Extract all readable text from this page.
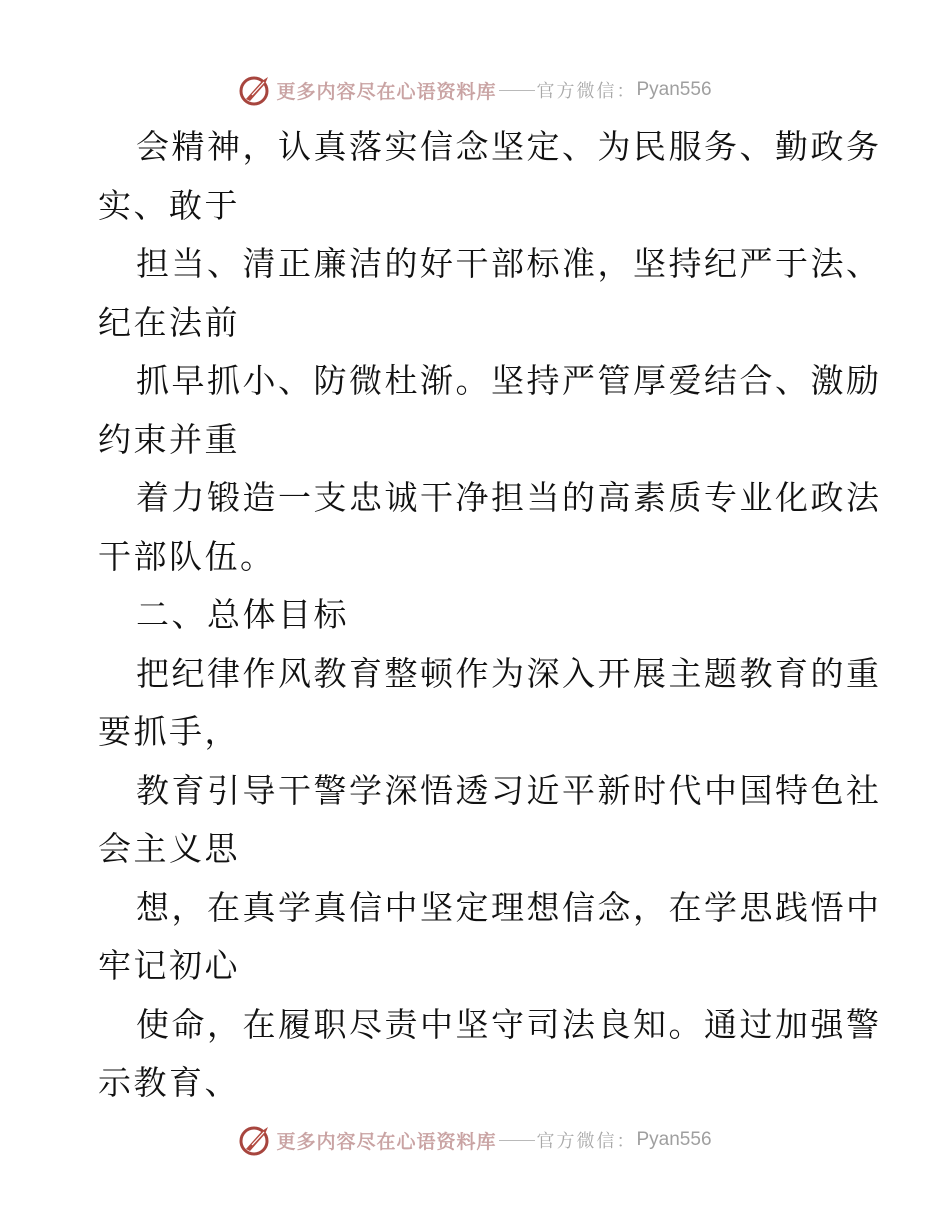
更多内容尽在心语资料库 官方微信： Pyan556
会精神，认真落实信念坚定、为民服务、勤政务
实、敢于
担当、清正廉洁的好干部标准，坚持纪严于法、
纪在法前
抓早抓小、防微杜渐。坚持严管厚爱结合、激励
约束并重
着力锻造一支忠诚干净担当的高素质专业化政法
干部队伍。
二、总体目标
把纪律作风教育整顿作为深入开展主题教育的重
要抓手，
教育引导干警学深悟透习近平新时代中国特色社
会主义思
想，在真学真信中坚定理想信念，在学思践悟中
牢记初心
使命，在履职尽责中坚守司法良知。通过加强警
示教育、
更多内容尽在心语资料库 官方微信： Pyan556
